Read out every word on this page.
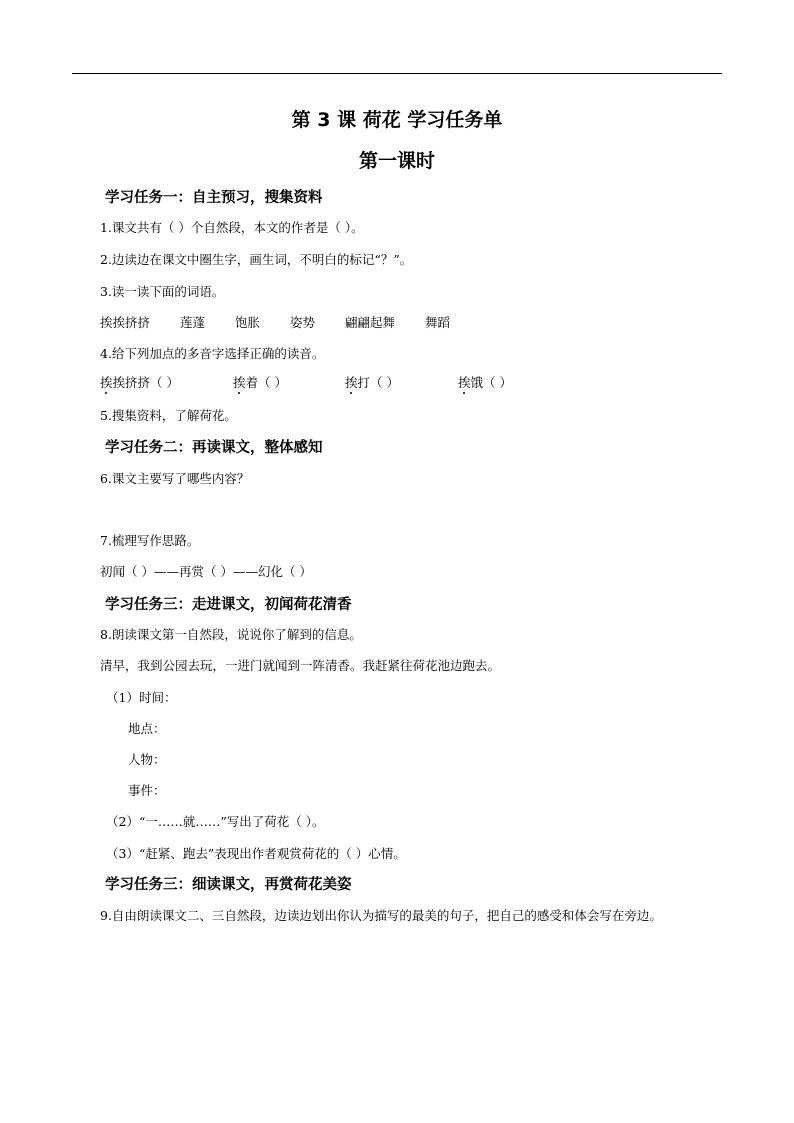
第 3 课 荷花 学习任务单
第一课时
学习任务一：自主预习，搜集资料
1.课文共有（ ）个自然段，本文的作者是（ ）。
2.边读边在课文中圈生字，画生词，不明白的标记“？”。
3.读一读下面的词语。
挨挨挤挤 莲蓬 饱胀 姿势 翩翩起舞 舞蹈
4.给下列加点的多音字选择正确的读音。
挨挨挤挤（ ）	挨着（ ）	挨打（ ）	挨饿（ ）
5.搜集资料，了解荷花。
学习任务二：再读课文，整体感知
6.课文主要写了哪些内容？
7.梳理写作思路。
初闻（ ）——再赏（ ）——幻化（ ）
学习任务三：走进课文，初闻荷花清香
8.朗读课文第一自然段，说说你了解到的信息。
清早，我到公园去玩，一进门就闻到一阵清香。我赶紧往荷花池边跑去。
（1）时间：
地点：
人物：
事件：
（2）“一……就……”写出了荷花（ ）。
（3）“赶紧、跑去”表现出作者观赏荷花的（ ）心情。
学习任务三：细读课文，再赏荷花美姿
9.自由朗读课文二、三自然段，边读边划出你认为描写的最美的句子，把自己的感受和体会写在旁边。
